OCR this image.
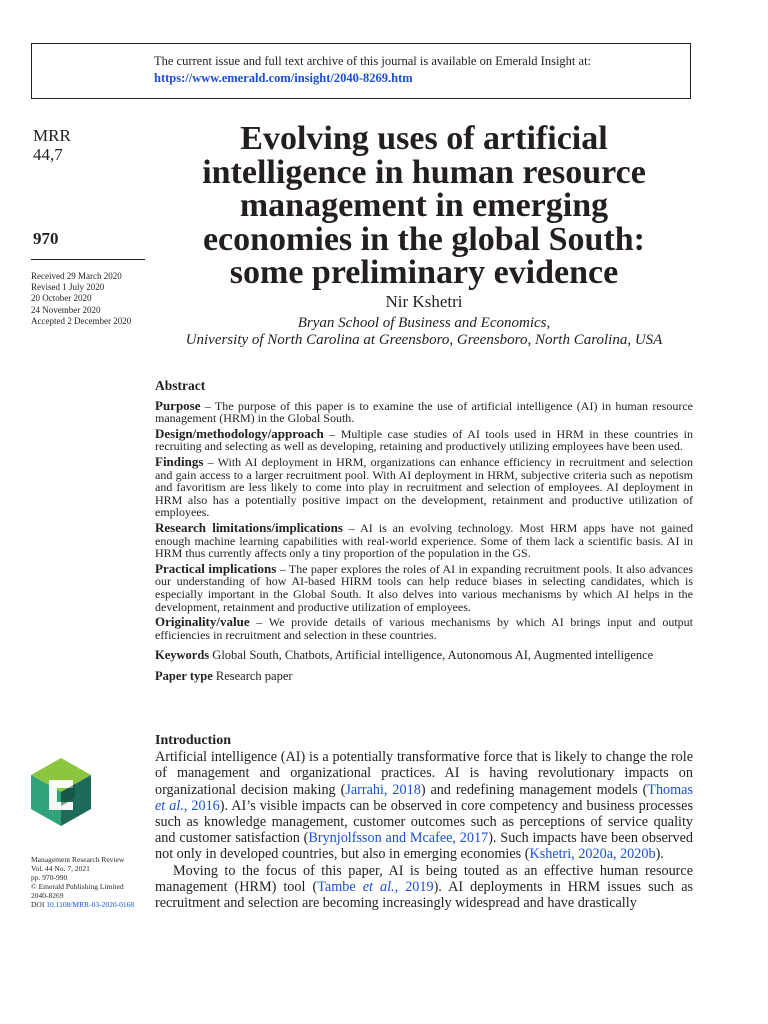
The current issue and full text archive of this journal is available on Emerald Insight at:
https://www.emerald.com/insight/2040-8269.htm
MRR
44,7
970
Received 29 March 2020
Revised 1 July 2020
20 October 2020
24 November 2020
Accepted 2 December 2020
Evolving uses of artificial
intelligence in human resource
management in emerging
economies in the global South:
some preliminary evidence
Nir Kshetri
Bryan School of Business and Economics,
University of North Carolina at Greensboro, Greensboro, North Carolina, USA
Abstract
Purpose – The purpose of this paper is to examine the use of artificial intelligence (AI) in human resource management (HRM) in the Global South.
Design/methodology/approach – Multiple case studies of AI tools used in HRM in these countries in recruiting and selecting as well as developing, retaining and productively utilizing employees have been used.
Findings – With AI deployment in HRM, organizations can enhance efficiency in recruitment and selection and gain access to a larger recruitment pool. With AI deployment in HRM, subjective criteria such as nepotism and favoritism are less likely to come into play in recruitment and selection of employees. AI deployment in HRM also has a potentially positive impact on the development, retainment and productive utilization of employees.
Research limitations/implications – AI is an evolving technology. Most HRM apps have not gained enough machine learning capabilities with real-world experience. Some of them lack a scientific basis. AI in HRM thus currently affects only a tiny proportion of the population in the GS.
Practical implications – The paper explores the roles of AI in expanding recruitment pools. It also advances our understanding of how AI-based HIRM tools can help reduce biases in selecting candidates, which is especially important in the Global South. It also delves into various mechanisms by which AI helps in the development, retainment and productive utilization of employees.
Originality/value – We provide details of various mechanisms by which AI brings input and output efficiencies in recruitment and selection in these countries.
Keywords Global South, Chatbots, Artificial intelligence, Autonomous AI, Augmented intelligence
Paper type Research paper
Introduction

Artificial intelligence (AI) is a potentially transformative force that is likely to change the role of management and organizational practices. AI is having revolutionary impacts on organizational decision making (Jarrahi, 2018) and redefining management models (Thomas et al., 2016). AI’s visible impacts can be observed in core competency and business processes such as knowledge management, customer outcomes such as perceptions of service quality and customer satisfaction (Brynjolfsson and Mcafee, 2017). Such impacts have been observed not only in developed countries, but also in emerging economies (Kshetri, 2020a, 2020b).

Moving to the focus of this paper, AI is being touted as an effective human resource management (HRM) tool (Tambe et al., 2019). AI deployments in HRM issues such as recruitment and selection are becoming increasingly widespread and have drastically

Management Research Review
Vol. 44 No. 7, 2021
pp. 970-990
© Emerald Publishing Limited
2040-8269
DOI 10.1108/MRR-03-2020-0168
